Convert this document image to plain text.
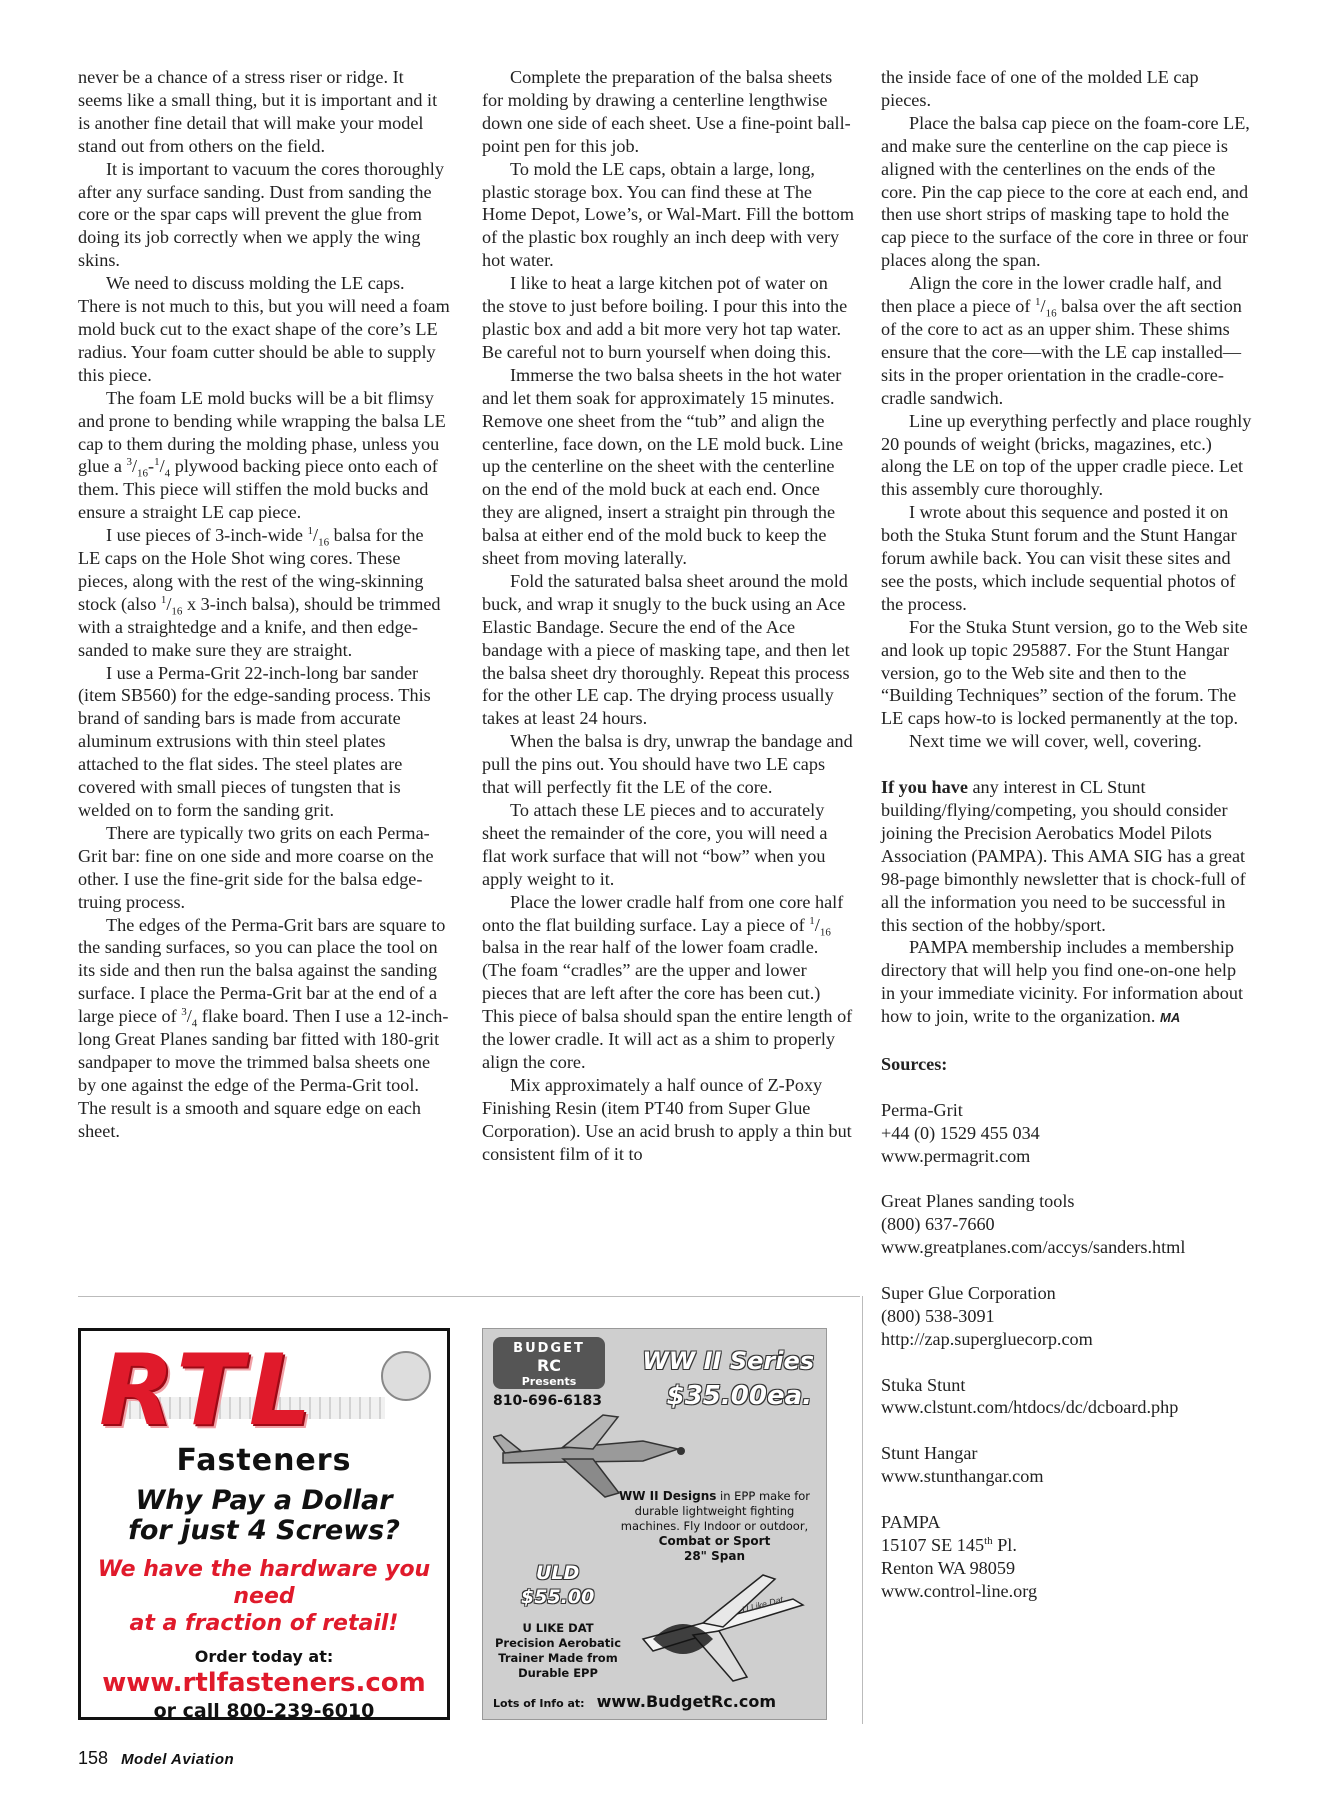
never be a chance of a stress riser or ridge. It seems like a small thing, but it is important and it is another fine detail that will make your model stand out from others on the field.

It is important to vacuum the cores thoroughly after any surface sanding. Dust from sanding the core or the spar caps will prevent the glue from doing its job correctly when we apply the wing skins.

We need to discuss molding the LE caps. There is not much to this, but you will need a foam mold buck cut to the exact shape of the core’s LE radius. Your foam cutter should be able to supply this piece.

The foam LE mold bucks will be a bit flimsy and prone to bending while wrapping the balsa LE cap to them during the molding phase, unless you glue a $^3/_{16}-^1/_4$ plywood backing piece onto each of them. This piece will stiffen the mold bucks and ensure a straight LE cap piece.

I use pieces of 3-inch-wide $^1/_{16}$ balsa for the LE caps on the Hole Shot wing cores. These pieces, along with the rest of the wing-skinning stock (also $^1/_{16}$ x 3-inch balsa), should be trimmed with a straightedge and a knife, and then edge-sanded to make sure they are straight.

I use a Perma-Grit 22-inch-long bar sander (item SB560) for the edge-sanding process. This brand of sanding bars is made from accurate aluminum extrusions with thin steel plates attached to the flat sides. The steel plates are covered with small pieces of tungsten that is welded on to form the sanding grit.

There are typically two grits on each Perma-Grit bar: fine on one side and more coarse on the other. I use the fine-grit side for the balsa edge-truing process.

The edges of the Perma-Grit bars are square to the sanding surfaces, so you can place the tool on its side and then run the balsa against the sanding surface. I place the Perma-Grit bar at the end of a large piece of $^3/_4$ flake board. Then I use a 12-inch-long Great Planes sanding bar fitted with 180-grit sandpaper to move the trimmed balsa sheets one by one against the edge of the Perma-Grit tool. The result is a smooth and square edge on each sheet.

Complete the preparation of the balsa sheets for molding by drawing a centerline lengthwise down one side of each sheet. Use a fine-point ball-point pen for this job.

To mold the LE caps, obtain a large, long, plastic storage box. You can find these at The Home Depot, Lowe’s, or Wal-Mart. Fill the bottom of the plastic box roughly an inch deep with very hot water.

I like to heat a large kitchen pot of water on the stove to just before boiling. I pour this into the plastic box and add a bit more very hot tap water. Be careful not to burn yourself when doing this.

Immerse the two balsa sheets in the hot water and let them soak for approximately 15 minutes. Remove one sheet from the “tub” and align the centerline, face down, on the LE mold buck. Line up the centerline on the sheet with the centerline on the end of the mold buck at each end. Once they are aligned, insert a straight pin through the balsa at either end of the mold buck to keep the sheet from moving laterally.

Fold the saturated balsa sheet around the mold buck, and wrap it snugly to the buck using an Ace Elastic Bandage. Secure the end of the Ace bandage with a piece of masking tape, and then let the balsa sheet dry thoroughly. Repeat this process for the other LE cap. The drying process usually takes at least 24 hours.

When the balsa is dry, unwrap the bandage and pull the pins out. You should have two LE caps that will perfectly fit the LE of the core.

To attach these LE pieces and to accurately sheet the remainder of the core, you will need a flat work surface that will not “bow” when you apply weight to it.

Place the lower cradle half from one core half onto the flat building surface. Lay a piece of $^1/_{16}$ balsa in the rear half of the lower foam cradle. (The foam “cradles” are the upper and lower pieces that are left after the core has been cut.) This piece of balsa should span the entire length of the lower cradle. It will act as a shim to properly align the core.

Mix approximately a half ounce of Z-Poxy Finishing Resin (item PT40 from Super Glue Corporation). Use an acid brush to apply a thin but consistent film of it to

the inside face of one of the molded LE cap pieces.

Place the balsa cap piece on the foam-core LE, and make sure the centerline on the cap piece is aligned with the centerlines on the ends of the core. Pin the cap piece to the core at each end, and then use short strips of masking tape to hold the cap piece to the surface of the core in three or four places along the span.

Align the core in the lower cradle half, and then place a piece of $^1/_{16}$ balsa over the aft section of the core to act as an upper shim. These shims ensure that the core—with the LE cap installed—sits in the proper orientation in the cradle-core-cradle sandwich.

Line up everything perfectly and place roughly 20 pounds of weight (bricks, magazines, etc.) along the LE on top of the upper cradle piece. Let this assembly cure thoroughly.

I wrote about this sequence and posted it on both the Stuka Stunt forum and the Stunt Hangar forum awhile back. You can visit these sites and see the posts, which include sequential photos of the process.

For the Stuka Stunt version, go to the Web site and look up topic 295887. For the Stunt Hangar version, go to the Web site and then to the “Building Techniques” section of the forum. The LE caps how-to is locked permanently at the top.

Next time we will cover, well, covering.

If you have any interest in CL Stunt building/flying/competing, you should consider joining the Precision Aerobatics Model Pilots Association (PAMPA). This AMA SIG has a great 98-page bimonthly newsletter that is chock-full of all the information you need to be successful in this section of the hobby/sport.

PAMPA membership includes a membership directory that will help you find one-on-one help in your immediate vicinity. For information about how to join, write to the organization. MA

Sources:

Perma-Grit
+44 (0) 1529 455 034
www.permagrit.com
Great Planes sanding tools
(800) 637-7660
www.greatplanes.com/accys/sanders.html
Super Glue Corporation
(800) 538-3091
http://zap.supergluecorp.com
Stuka Stunt
www.clstunt.com/htdocs/dc/dcboard.php
Stunt Hangar
www.stunthangar.com
PAMPA
15107 SE 145th Pl.
Renton WA 98059
www.control-line.org
RTL
Fasteners
Why Pay a Dollar
for just 4 Screws?
We have the hardware you need
at a fraction of retail!
Order today at:
www.rtlfasteners.com
or call 800-239-6010
BUDGET
RC
Presents
810-696-6183
WW II Series
$35.00ea.
WW II Designs in EPP make for durable lightweight fighting machines. Fly Indoor or outdoor, Combat or Sport
28" Span
ULD
$55.00	U Like Dat
U LIKE DAT
Precision Aerobatic
Trainer Made from
Durable EPP
Lots of Info at: www.BudgetRc.com
158 Model Aviation
